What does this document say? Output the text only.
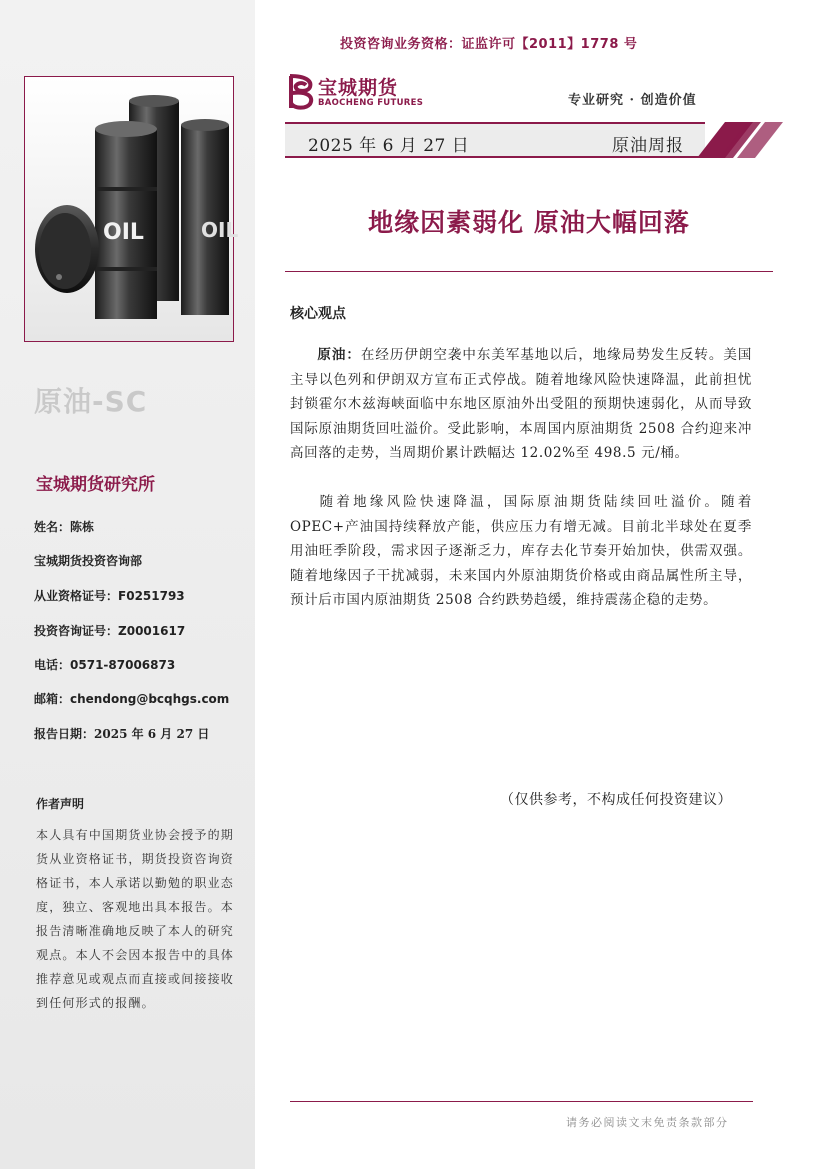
OIL	OIL
原油-SC
宝城期货研究所
姓名：陈栋
宝城期货投资咨询部
从业资格证号：F0251793
投资咨询证号：Z0001617
电话：0571-87006873
邮箱：chendong@bcqhgs.com
报告日期：2025 年 6 月 27 日
作者声明
本人具有中国期货业协会授予的期货从业资格证书，期货投资咨询资格证书，本人承诺以勤勉的职业态度，独立、客观地出具本报告。本报告清晰准确地反映了本人的研究观点。本人不会因本报告中的具体推荐意见或观点而直接或间接接收到任何形式的报酬。
投资咨询业务资格：证监许可【2011】1778 号
宝城期货
BAOCHENG FUTURES	专业研究 · 创造价值
2025 年 6 月 27 日	原油周报
地缘因素弱化 原油大幅回落
核心观点
原油：在经历伊朗空袭中东美军基地以后，地缘局势发生反转。美国主导以色列和伊朗双方宣布正式停战。随着地缘风险快速降温，此前担忧封锁霍尔木兹海峡面临中东地区原油外出受阻的预期快速弱化，从而导致国际原油期货回吐溢价。受此影响，本周国内原油期货 2508 合约迎来冲高回落的走势，当周期价累计跌幅达 12.02%至 498.5 元/桶。
随着地缘风险快速降温，国际原油期货陆续回吐溢价。随着 OPEC+产油国持续释放产能，供应压力有增无减。目前北半球处在夏季用油旺季阶段，需求因子逐渐乏力，库存去化节奏开始加快，供需双强。随着地缘因子干扰减弱，未来国内外原油期货价格或由商品属性所主导，预计后市国内原油期货 2508 合约跌势趋缓，维持震荡企稳的走势。
（仅供参考，不构成任何投资建议）
请务必阅读文末免责条款部分
